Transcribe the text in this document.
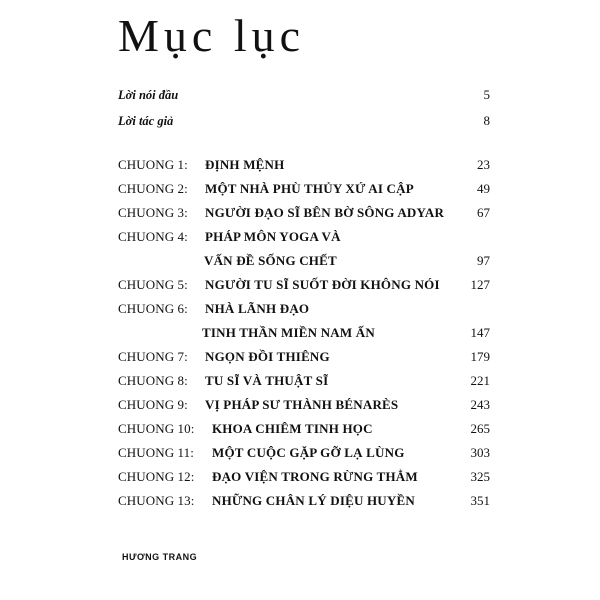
Mục lục
Lời nói đầu	5
Lời tác giả	8
CHUONG 1: ĐỊNH MỆNH	23
CHUONG 2: MỘT NHÀ PHÙ THỦY XỨ AI CẬP	49
CHUONG 3: NGƯỜI ĐẠO SĨ BÊN BỜ SÔNG ADYAR	67
CHUONG 4: PHÁP MÔN YOGA VÀ
VẤN ĐỀ SỐNG CHẾT	97
CHUONG 5: NGƯỜI TU SĨ SUỐT ĐỜI KHÔNG NÓI 127
CHUONG 6: NHÀ LÃNH ĐẠO
TINH THẦN MIỀN NAM ẤN	147
CHUONG 7: NGỌN ĐỒI THIÊNG	179
CHUONG 8: TU SĨ VÀ THUẬT SĨ	221
CHUONG 9: VỊ PHÁP SƯ THÀNH BÉNARÈS	243
CHUONG 10: KHOA CHIÊM TINH HỌC	265
CHUONG 11: MỘT CUỘC GẶP GỠ LẠ LÙNG	303
CHUONG 12: ĐẠO VIỆN TRONG RỪNG THẲM	325
CHUONG 13: NHỮNG CHÂN LÝ DIỆU HUYỀN	351
HƯƠNG TRANG
